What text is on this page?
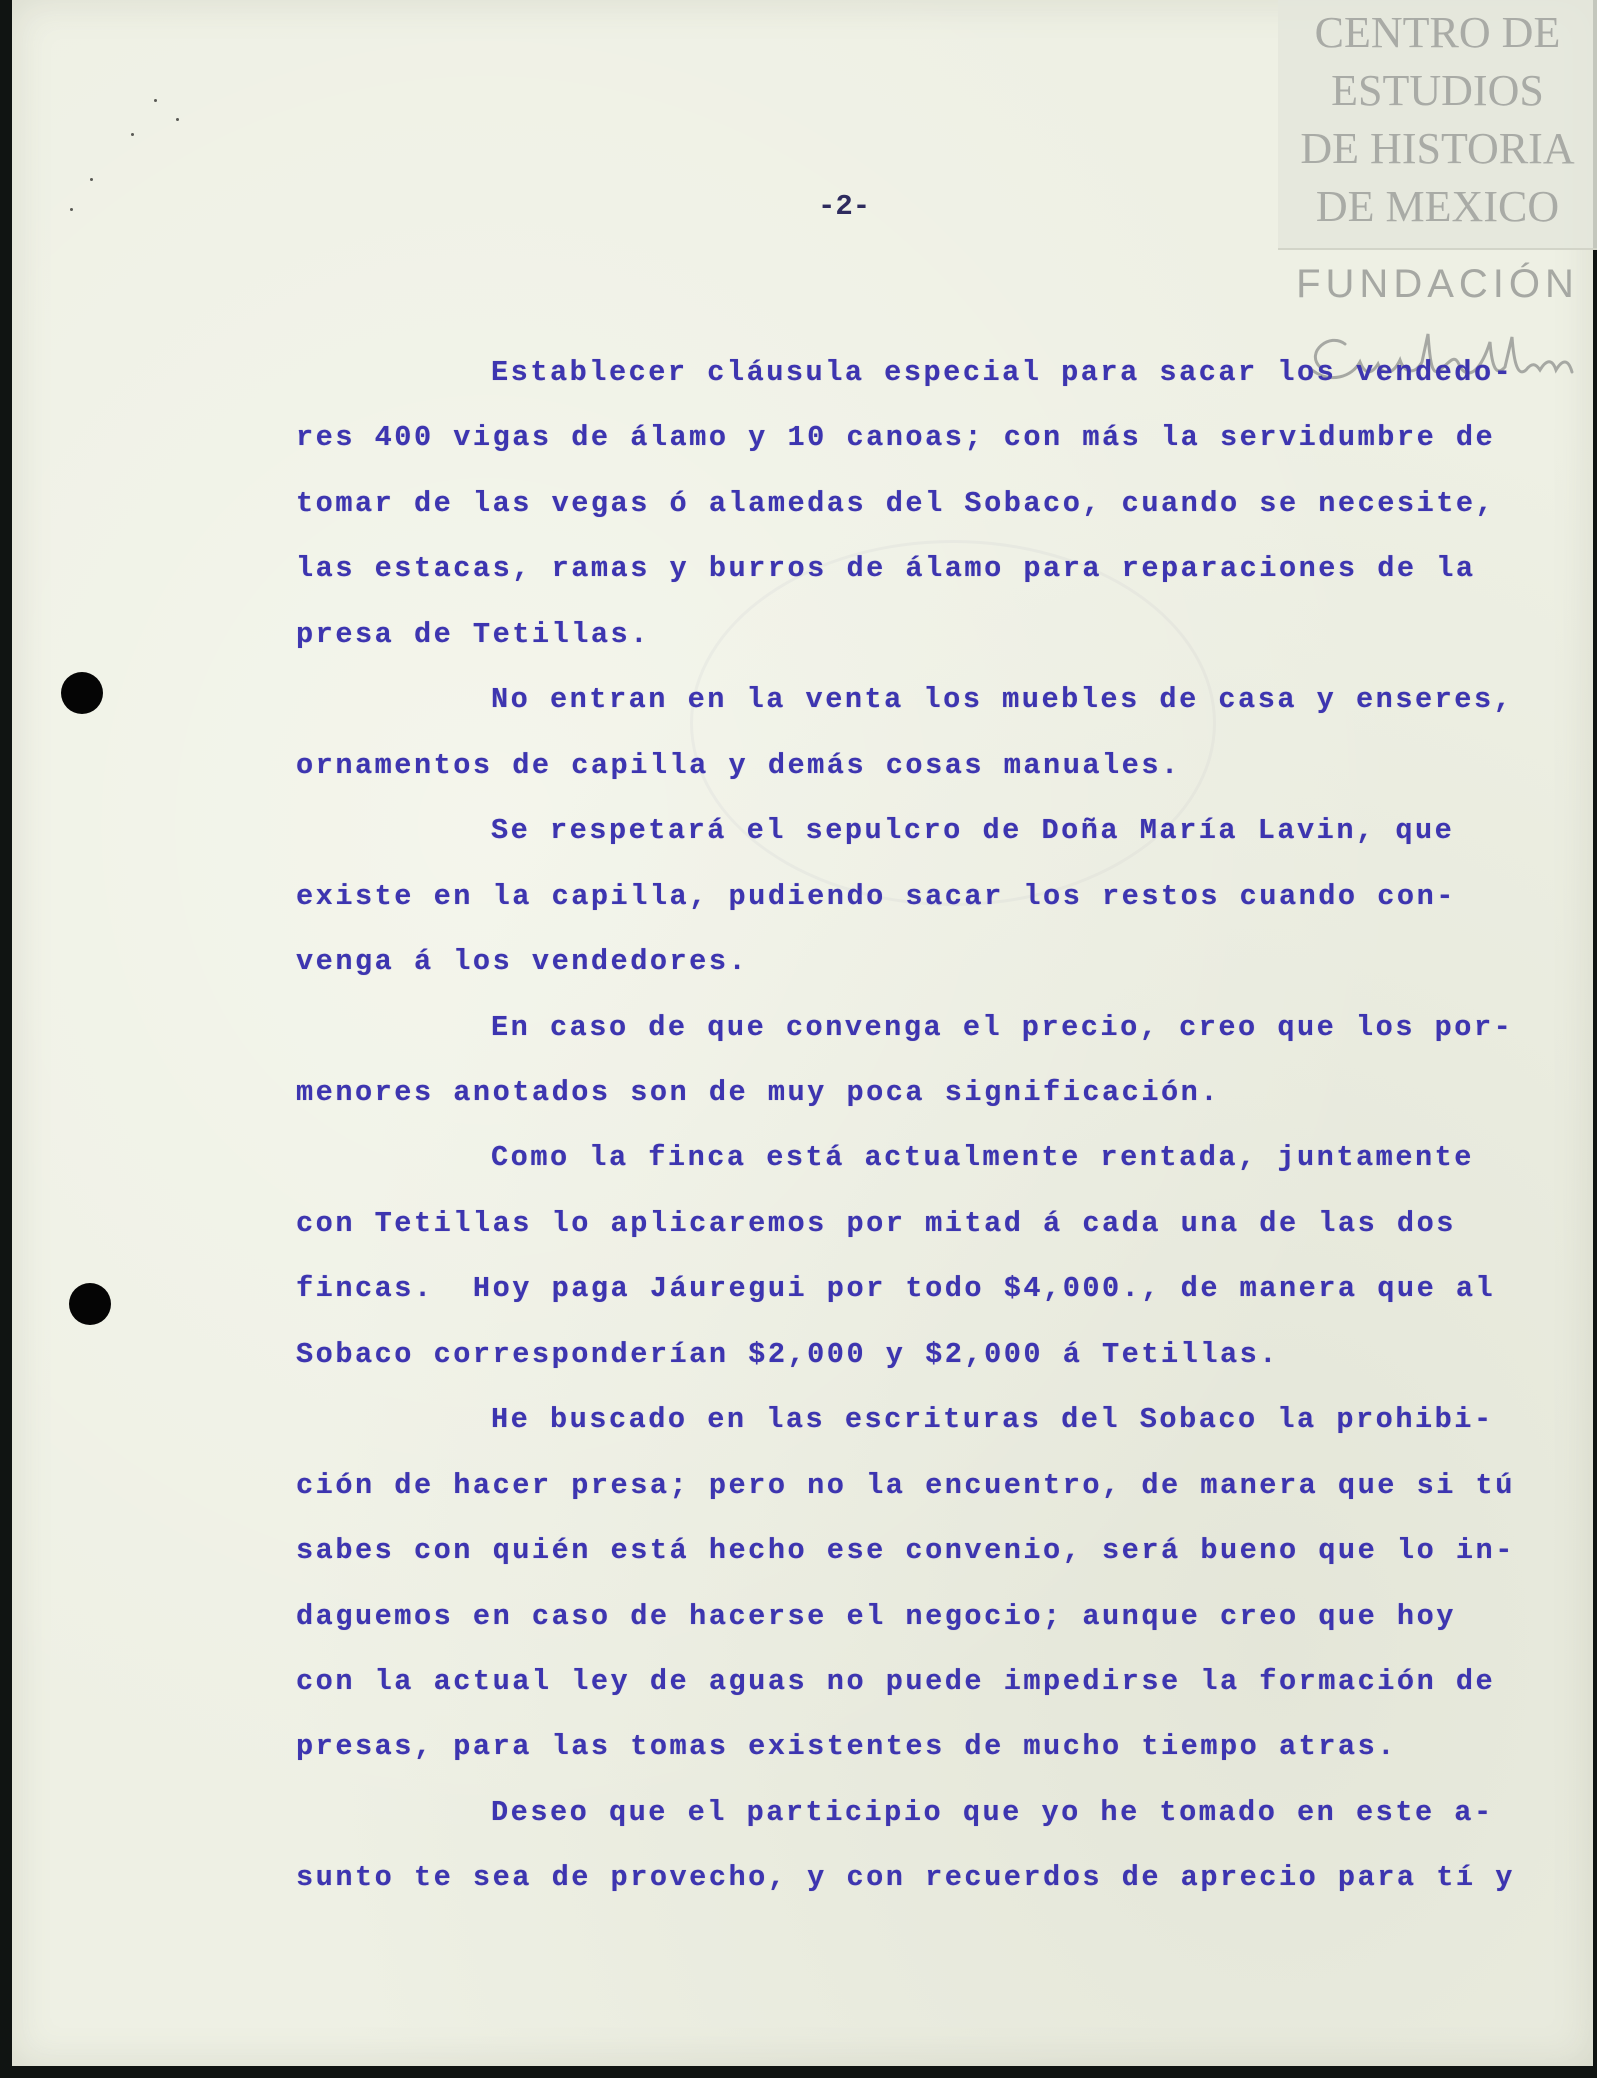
CENTRO DE
ESTUDIOS
DE HISTORIA
DE MEXICO
FUNDACIÓN
-2-
Establecer cláusula especial para sacar los vendedo-
res 400 vigas de álamo y 10 canoas; con más la servidumbre de
tomar de las vegas ó alamedas del Sobaco, cuando se necesite,
las estacas, ramas y burros de álamo para reparaciones de la
presa de Tetillas.
No entran en la venta los muebles de casa y enseres,
ornamentos de capilla y demás cosas manuales.
Se respetará el sepulcro de Doña María Lavin, que
existe en la capilla, pudiendo sacar los restos cuando con-
venga á los vendedores.
En caso de que convenga el precio, creo que los por-
menores anotados son de muy poca significación.
Como la finca está actualmente rentada, juntamente
con Tetillas lo aplicaremos por mitad á cada una de las dos
fincas.  Hoy paga Jáuregui por todo $4,000., de manera que al
Sobaco corresponderían $2,000 y $2,000 á Tetillas.
He buscado en las escrituras del Sobaco la prohibi-
ción de hacer presa; pero no la encuentro, de manera que si tú
sabes con quién está hecho ese convenio, será bueno que lo in-
daguemos en caso de hacerse el negocio; aunque creo que hoy
con la actual ley de aguas no puede impedirse la formación de
presas, para las tomas existentes de mucho tiempo atras.
Deseo que el participio que yo he tomado en este a-
sunto te sea de provecho, y con recuerdos de aprecio para tí y
